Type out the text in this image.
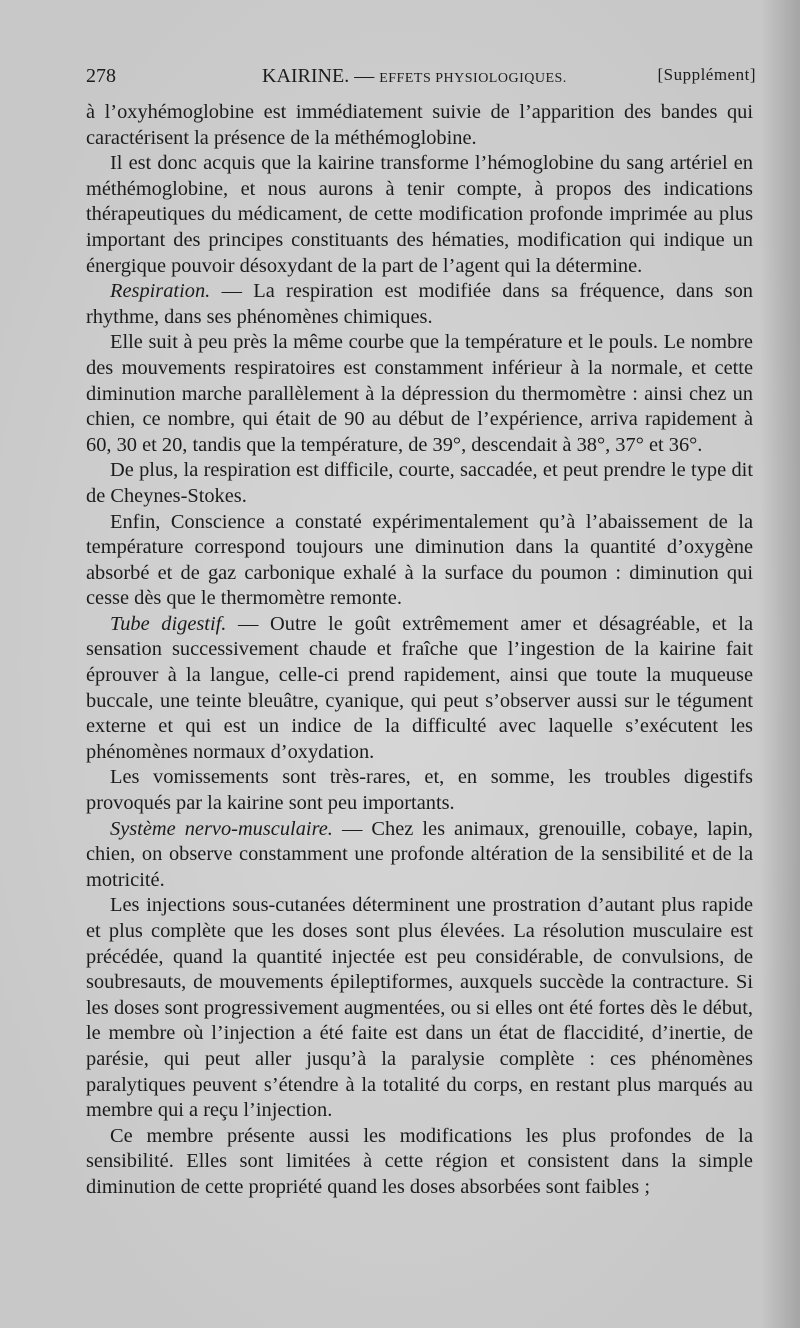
278	KAIRINE. — EFFETS PHYSIOLOGIQUES.	[Supplément]

à l’oxyhémoglobine est immédiatement suivie de l’apparition des bandes qui caractérisent la présence de la méthémoglobine.

Il est donc acquis que la kairine transforme l’hémoglobine du sang artériel en méthémoglobine, et nous aurons à tenir compte, à propos des indications thérapeutiques du médicament, de cette modification profonde imprimée au plus important des principes constituants des hématies, modification qui indique un énergique pouvoir désoxydant de la part de l’agent qui la détermine.

Respiration. — La respiration est modifiée dans sa fréquence, dans son rhythme, dans ses phénomènes chimiques.

Elle suit à peu près la même courbe que la température et le pouls. Le nombre des mouvements respiratoires est constamment inférieur à la normale, et cette diminution marche parallèlement à la dépression du thermomètre : ainsi chez un chien, ce nombre, qui était de 90 au début de l’expérience, arriva rapidement à 60, 30 et 20, tandis que la température, de 39°, descendait à 38°, 37° et 36°.

De plus, la respiration est difficile, courte, saccadée, et peut prendre le type dit de Cheynes-Stokes.

Enfin, Conscience a constaté expérimentalement qu’à l’abaissement de la température correspond toujours une diminution dans la quantité d’oxygène absorbé et de gaz carbonique exhalé à la surface du poumon : diminution qui cesse dès que le thermomètre remonte.

Tube digestif. — Outre le goût extrêmement amer et désagréable, et la sensation successivement chaude et fraîche que l’ingestion de la kairine fait éprouver à la langue, celle-ci prend rapidement, ainsi que toute la muqueuse buccale, une teinte bleuâtre, cyanique, qui peut s’observer aussi sur le tégument externe et qui est un indice de la difficulté avec laquelle s’exécutent les phénomènes normaux d’oxydation.

Les vomissements sont très-rares, et, en somme, les troubles digestifs provoqués par la kairine sont peu importants.

Système nervo-musculaire. — Chez les animaux, grenouille, cobaye, lapin, chien, on observe constamment une profonde altération de la sensibilité et de la motricité.

Les injections sous-cutanées déterminent une prostration d’autant plus rapide et plus complète que les doses sont plus élevées. La résolution musculaire est précédée, quand la quantité injectée est peu considérable, de convulsions, de soubresauts, de mouvements épileptiformes, auxquels succède la contracture. Si les doses sont progressivement augmentées, ou si elles ont été fortes dès le début, le membre où l’injection a été faite est dans un état de flaccidité, d’inertie, de parésie, qui peut aller jusqu’à la paralysie complète : ces phénomènes paralytiques peuvent s’étendre à la totalité du corps, en restant plus marqués au membre qui a reçu l’injection.

Ce membre présente aussi les modifications les plus profondes de la sensibilité. Elles sont limitées à cette région et consistent dans la simple diminution de cette propriété quand les doses absorbées sont faibles ;
